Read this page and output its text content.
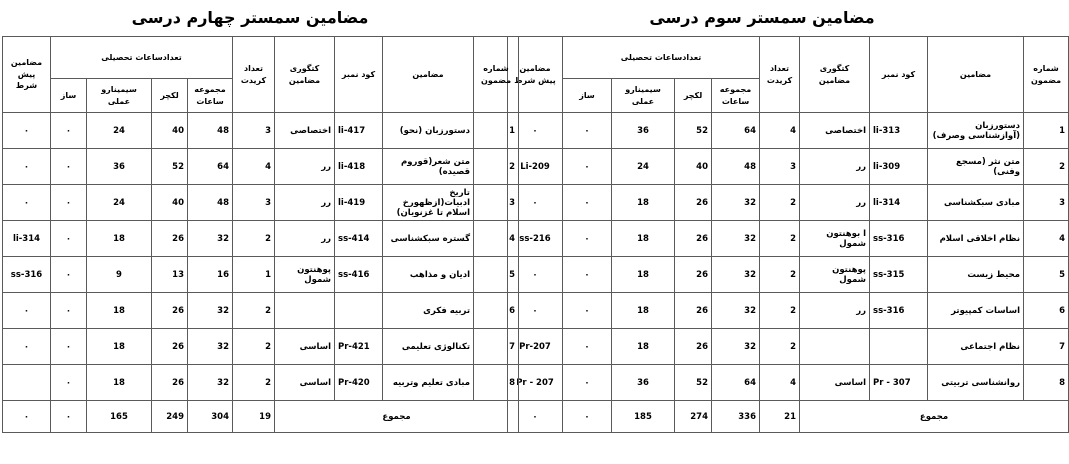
مضامین سمستر سوم درسی
شماره مضمون	مضامین	کود نمبر	کتگوری مضامین	تعداد کریدت	تعدادساعات تحصیلی				مضامین پیش شرط
					مجموعه ساعات	لکچر	سیمینارو عملی	ساز	
1	دستورزبان (آوازشناسی وصرف)	li-313	اختصاصی	4	64	52	36	۰	۰
2	متن نثر (مسجع وفنی)	li-309	رر	3	48	40	24	۰	Li-209
3	مبادی سبکشناسی	li-314	رر	2	32	26	18	۰	۰
4	نظام اخلاقی اسلام	ss-316	ا بوهنتون شمول	2	32	26	18	۰	ss-216
5	محیط زیست	ss-315	پوهنتون شمول	2	32	26	18	۰	۰
6	اساسات کمپیوتر	ss-316	رر	2	32	26	18	۰	۰
7	نظام اجتماعی			2	32	26	18	۰	Pr-207
8	روانشناسی تربیتی	Pr - 307	اساسی	4	64	52	36	۰	Pr - 207
مجموع				21	336	274	185	۰	۰
مضامین سمستر چهارم درسی
شماره مضمون	مضامین	کود نمبر	کتگوری مضامین	تعداد کریدت	تعدادساعات تحصیلی				مضامین پیش شرط
					مجموعه ساعات	لکچر	سیمینارو عملی	ساز	
1	دستورزبان (نحو)	li-417	اختصاصی	3	48	40	24	۰	۰
2	متن شعر(قوروم قصیده)	li-418	رر	4	64	52	36	۰	۰
3	تاریخ ادبیات(ازظهورخ اسلام تا غزنویان)	li-419	رر	3	48	40	24	۰	۰
4	گستره سبکشناسی	ss-414	رر	2	32	26	18	۰	li-314
5	ادیان و مذاهب	ss-416	پوهنتون شمول	1	16	13	9	۰	ss-316
6	تربیه فکری			2	32	26	18	۰	۰
7	تکنالوژی تعلیمی	Pr-421	اساسی	2	32	26	18	۰	۰
8	مبادی تعلیم وتربیه	Pr-420	اساسی	2	32	26	18	۰	
مجموع				19	304	249	165	۰	۰
